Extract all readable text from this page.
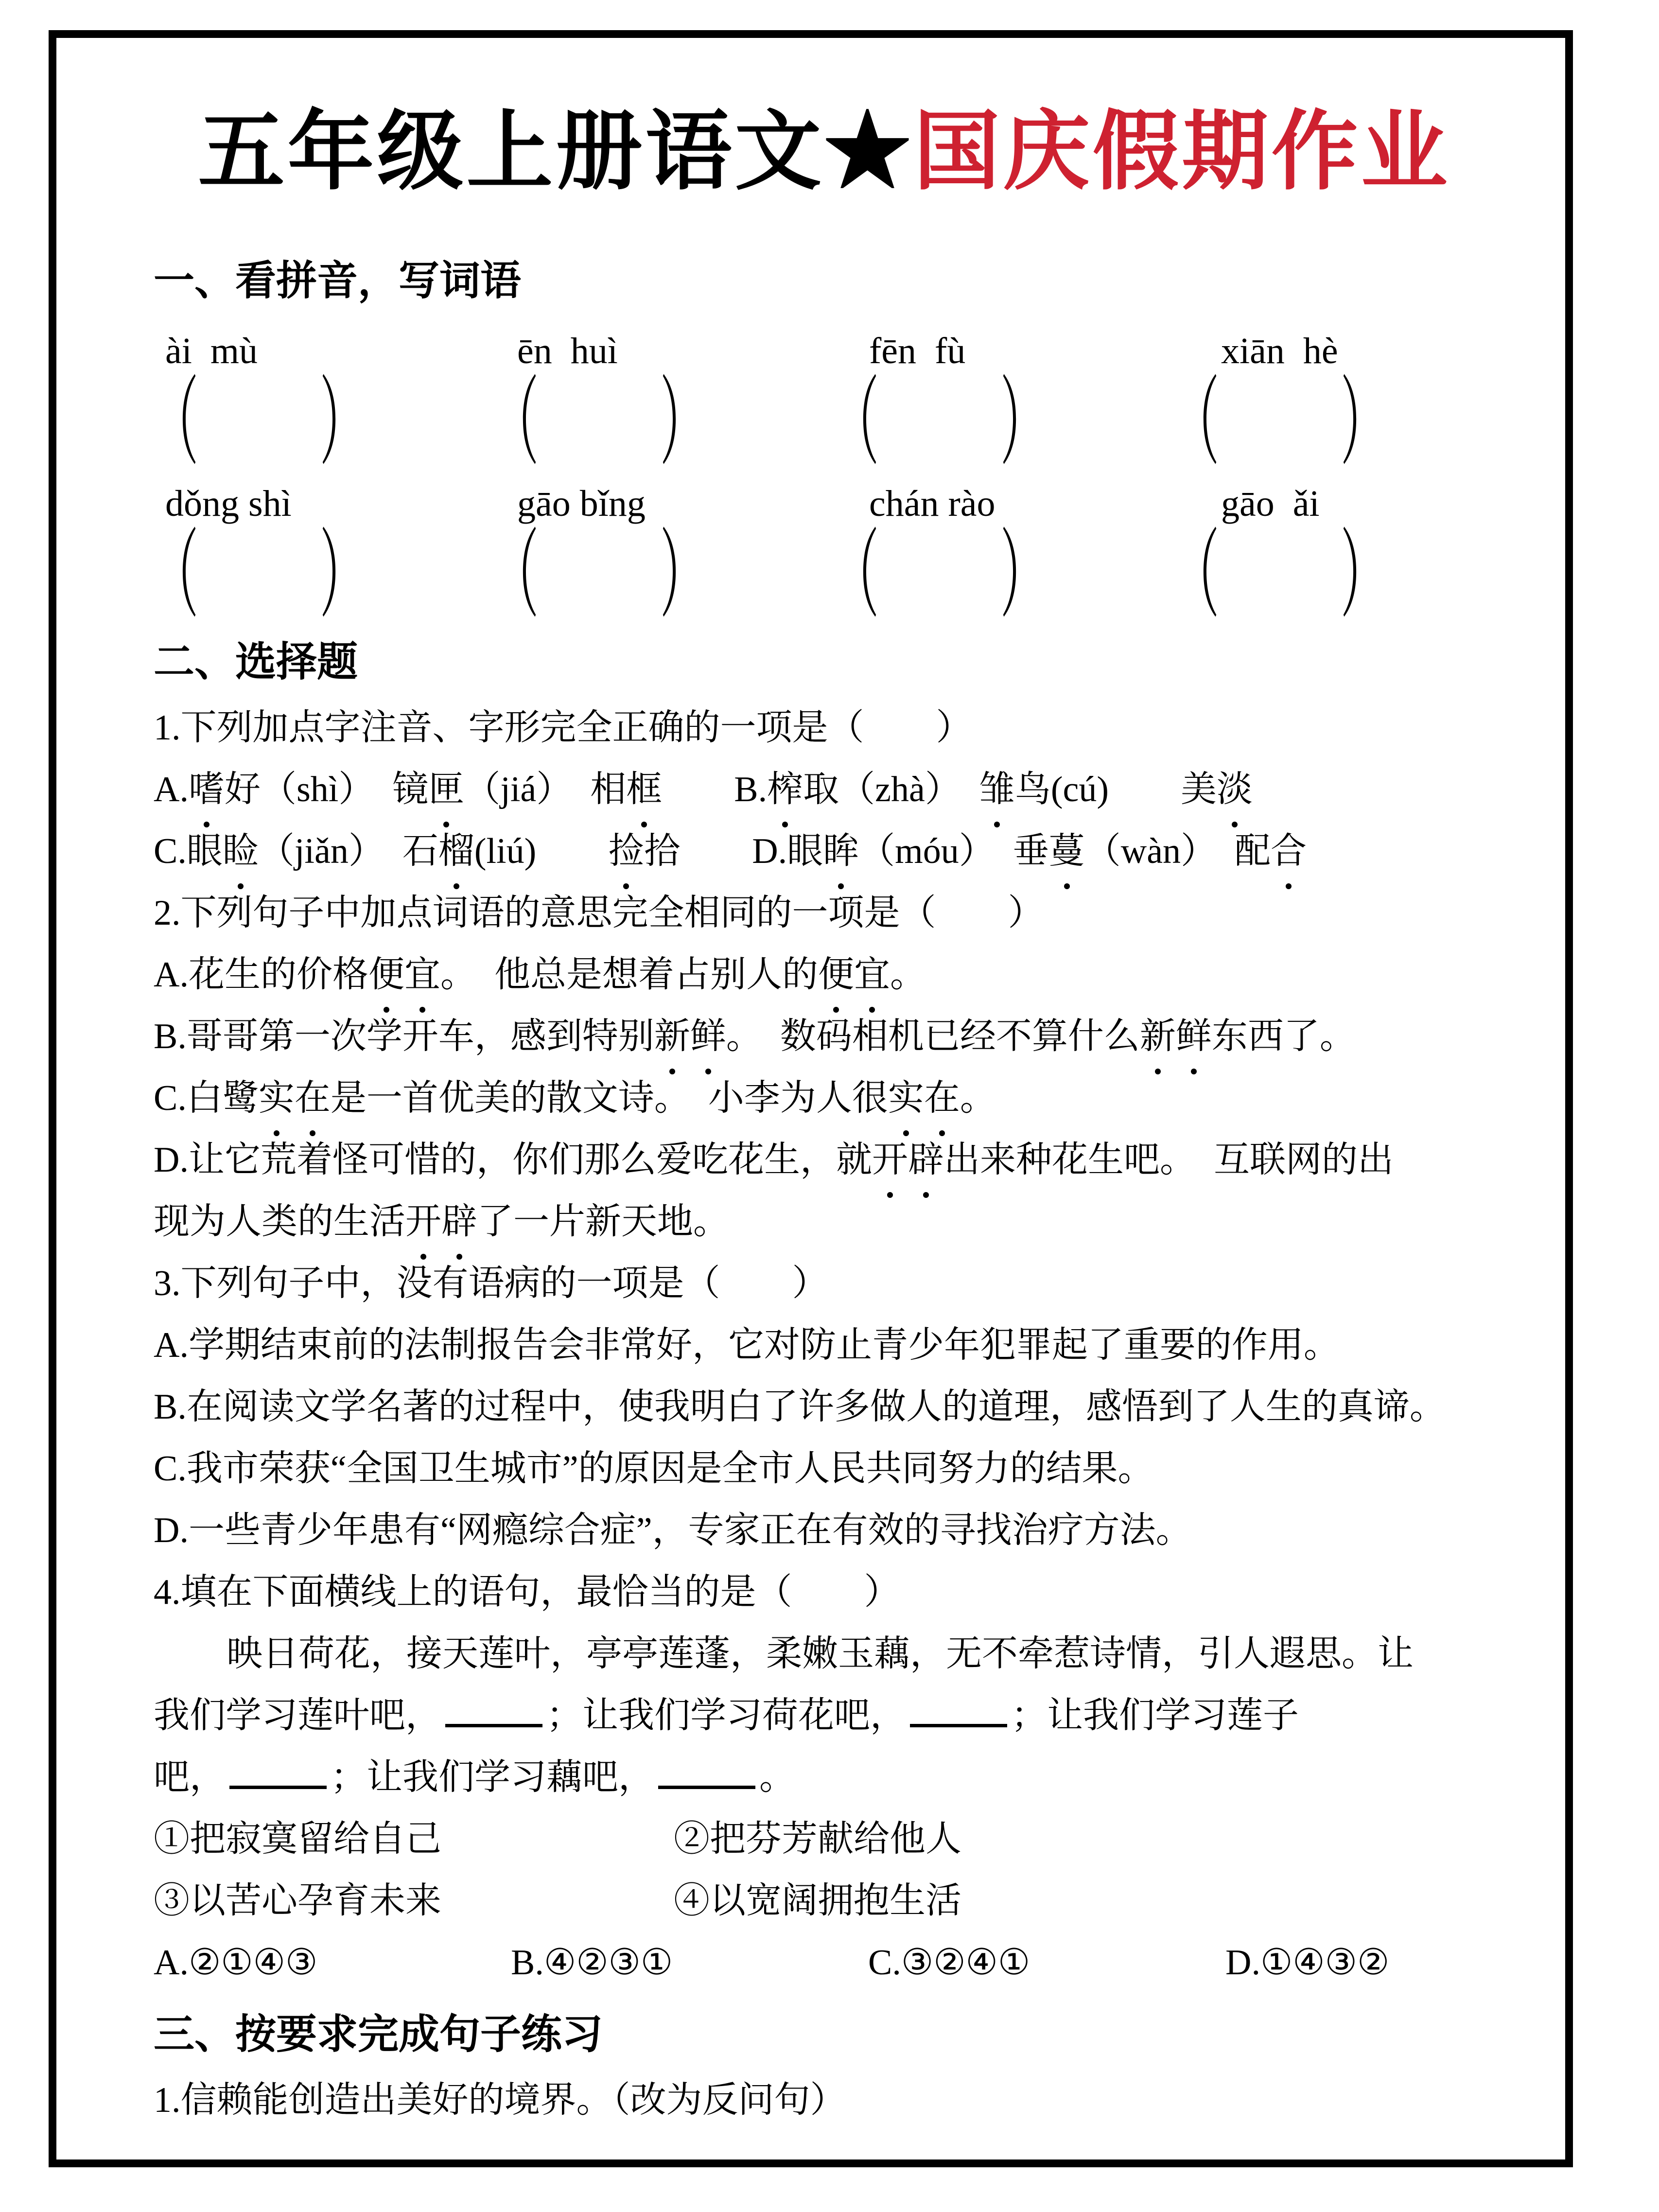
五年级上册语文★国庆假期作业
一、看拼音，写词语
ài  mù	ēn  huì	fēn  fù	xiān  hè
（	）	（	）	（	）	（	）
dǒng shì	gāo bǐng	chán rào	gāo  ǎi
（	）	（	）	（	）	（	）
二、选择题
1.下列加点字注音、字形完全正确的一项是（　　）
A.嗜好（shì）　镜匣（jiá）　相框　　B.榨取（zhà）　雏鸟(cú)　　美淡
C.眼睑（jiǎn）　石榴(liú)　　捡拾　　D.眼眸（móu）　垂蔓（wàn）　配合
2.下列句子中加点词语的意思完全相同的一项是（　　）
A.花生的价格便宜。　他总是想着占别人的便宜。
B.哥哥第一次学开车，感到特别新鲜。　数码相机已经不算什么新鲜东西了。
C.白鹭实在是一首优美的散文诗。　小李为人很实在。
D.让它荒着怪可惜的，你们那么爱吃花生，就开辟出来种花生吧。　互联网的出
现为人类的生活开辟了一片新天地。
3.下列句子中，没有语病的一项是（　　）
A.学期结束前的法制报告会非常好，它对防止青少年犯罪起了重要的作用。
B.在阅读文学名著的过程中，使我明白了许多做人的道理，感悟到了人生的真谛。
C.我市荣获“全国卫生城市”的原因是全市人民共同努力的结果。
D.一些青少年患有“网瘾综合症”，专家正在有效的寻找治疗方法。
4.填在下面横线上的语句，最恰当的是（　　）
映日荷花，接天莲叶，亭亭莲蓬，柔嫩玉藕，无不牵惹诗情，引人遐思。让
我们学习莲叶吧，	；让我们学习荷花吧，	；让我们学习莲子
吧，	；让我们学习藕吧，	。
①把寂寞留给自己	②把芬芳献给他人
③以苦心孕育未来	④以宽阔拥抱生活
A.②①④③	B.④②③①	C.③②④①	D.①④③②
三、按要求完成句子练习
1.信赖能创造出美好的境界。（改为反问句）
